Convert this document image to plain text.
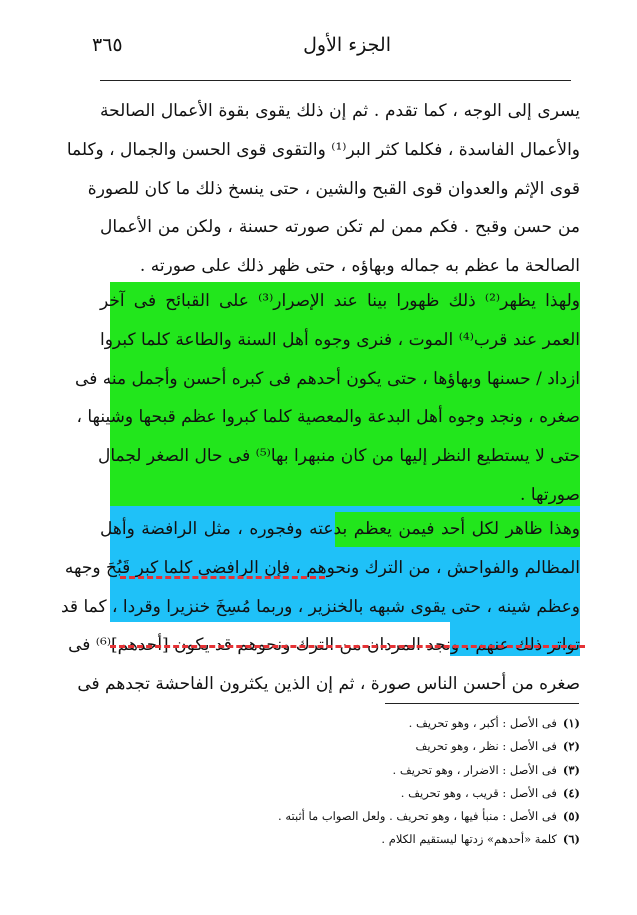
الجزء الأول
٣٦٥
يسرى إلى الوجه ، كما تقدم . ثم إن ذلك يقوى بقوة الأعمال الصالحة
والأعمال الفاسدة ، فكلما كثر البر⁽¹⁾ والتقوى قوى الحسن والجمال ، وكلما
قوى الإثم والعدوان قوى القبح والشين ، حتى ينسخ ذلك ما كان للصورة
من حسن وقبح . فكم ممن لم تكن صورته حسنة ، ولكن من الأعمال
الصالحة ما عظم به جماله وبهاؤه ، حتى ظهر ذلك على صورته .
ولهذا يظهر⁽²⁾ ذلك ظهورا بينا عند الإصرار⁽³⁾ على القبائح فى آخر
العمر عند قرب⁽⁴⁾ الموت ، فنرى وجوه أهل السنة والطاعة كلما كبروا
ازداد / حسنها وبهاؤها ، حتى يكون أحدهم فى كبره أحسن وأجمل منه فى
صغره ، ونجد وجوه أهل البدعة والمعصية كلما كبروا عظم قبحها وشينها ،
حتى لا يستطيع النظر إليها من كان منبهرا بها⁽⁵⁾ فى حال الصغر لجمال
صورتها .
وهذا ظاهر لكل أحد فيمن يعظم بدعته وفجوره ، مثل الرافضة وأهل
المظالم والفواحش ، من الترك ونحوهم ، فإن الرافضى كلما كبر قَبُحَ وجهه
وعظم شينه ، حتى يقوى شبهه بالخنزير ، وربما مُسِخَ خنزيرا وقردا ، كما قد
تواتر ذلك عنهم . ونجد المردان من الترك ونحوهم قد يكون [أحدهم]⁽⁶⁾ فى
صغره من أحسن الناس صورة ، ثم إن الذين يكثرون الفاحشة تجدهم فى
(١)فى الأصل : أكبر ، وهو تحريف .
(٢)فى الأصل : نظر ، وهو تحريف
(٣)فى الأصل : الاضرار ، وهو تحريف .
(٤)فى الأصل : قريب ، وهو تحريف .
(٥)فى الأصل : منبأ فيها ، وهو تحريف . ولعل الصواب ما أثبته .
(٦)كلمة «أحدهم» زدتها ليستقيم الكلام .
